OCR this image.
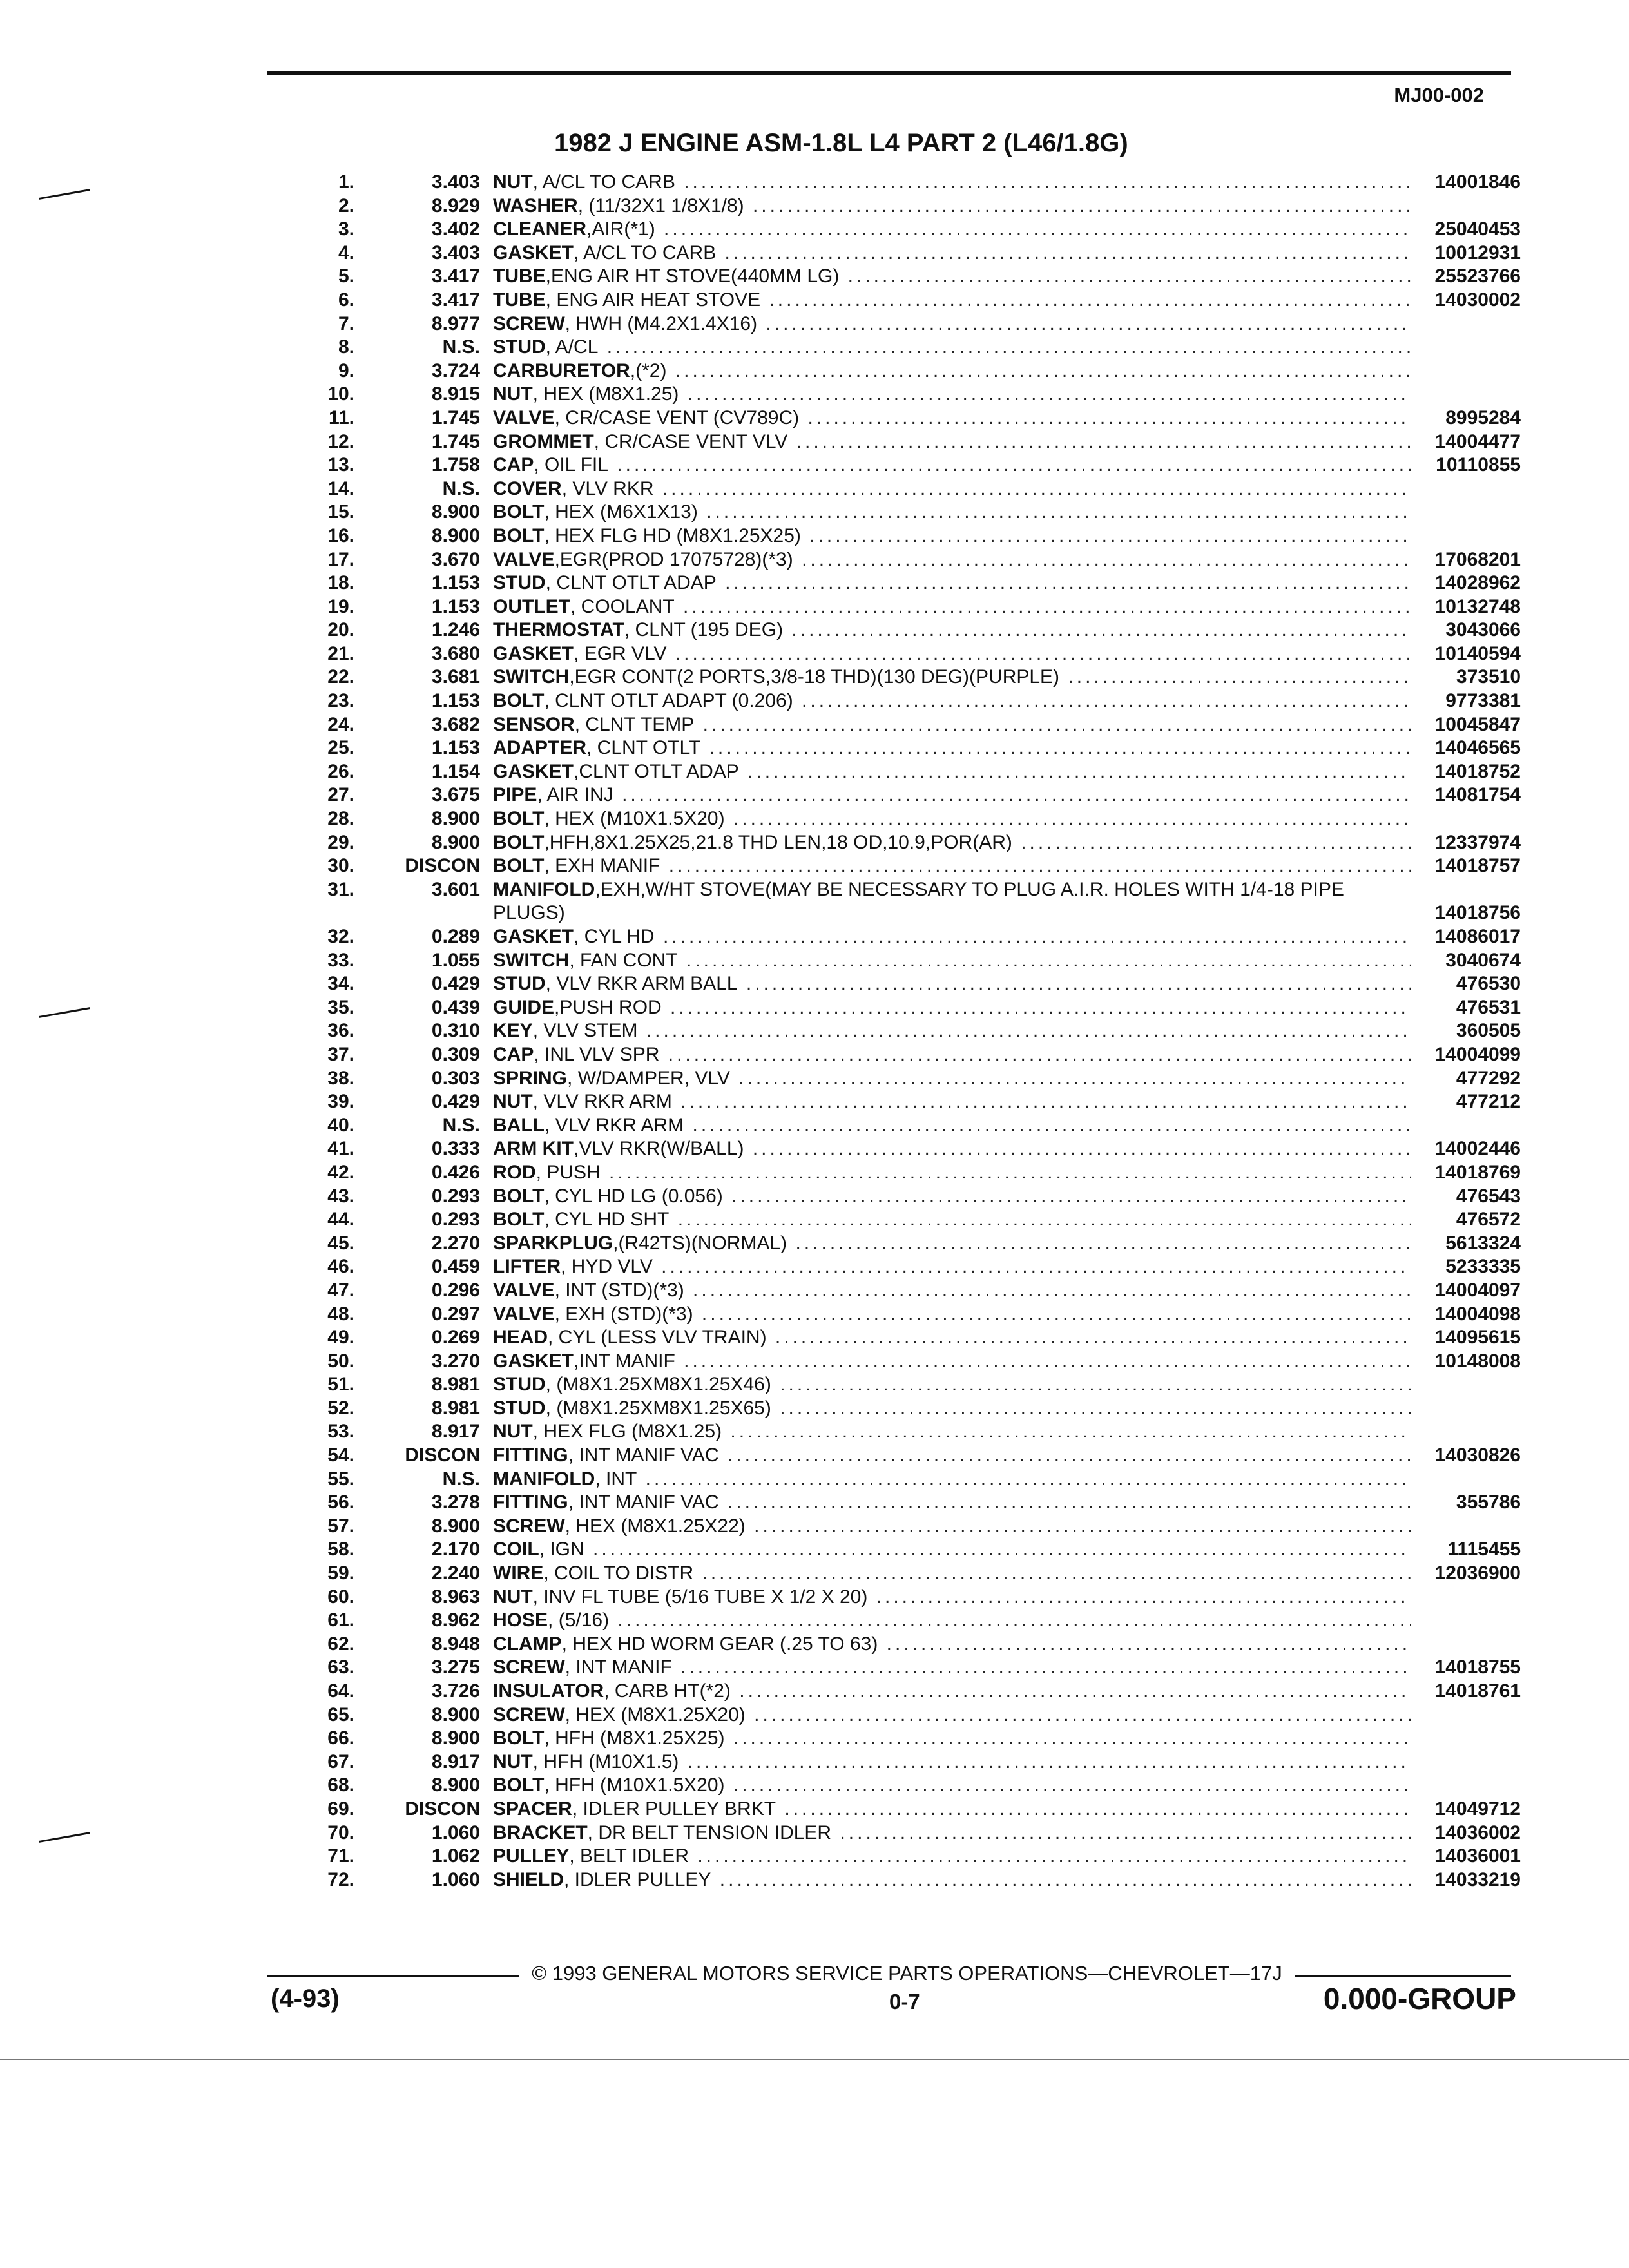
MJ00-002
1982 J ENGINE ASM-1.8L L4 PART 2 (L46/1.8G)
1.	3.403 NUT, A/CL TO CARB .....	14001846
2.	8.929 WASHER, (11/32X1 1/8X1/8) .....
3.	3.402 CLEANER,AIR(*1) .....	25040453
4.	3.403 GASKET, A/CL TO CARB .....	10012931
5.	3.417 TUBE,ENG AIR HT STOVE(440MM LG) .....	25523766
6.	3.417 TUBE, ENG AIR HEAT STOVE .....	14030002
7.	8.977 SCREW, HWH (M4.2X1.4X16) .....
8.	N.S. STUD, A/CL .....
9.	3.724 CARBURETOR,(*2) .....
10.	8.915 NUT, HEX (M8X1.25) .....
11.	1.745 VALVE, CR/CASE VENT (CV789C) .....	8995284
12.	1.745 GROMMET, CR/CASE VENT VLV .....	14004477
13.	1.758 CAP, OIL FIL .....	10110855
14.	N.S. COVER, VLV RKR .....
15.	8.900 BOLT, HEX (M6X1X13) .....
16.	8.900 BOLT, HEX FLG HD (M8X1.25X25) .....
17.	3.670 VALVE,EGR(PROD 17075728)(*3) .....	17068201
18.	1.153 STUD, CLNT OTLT ADAP .....	14028962
19.	1.153 OUTLET, COOLANT .....	10132748
20.	1.246 THERMOSTAT, CLNT (195 DEG) .....	3043066
21.	3.680 GASKET, EGR VLV .....	10140594
22.	3.681 SWITCH,EGR CONT(2 PORTS,3/8-18 THD)(130 DEG)(PURPLE) .....	373510
23.	1.153 BOLT, CLNT OTLT ADAPT (0.206) .....	9773381
24.	3.682 SENSOR, CLNT TEMP .....	10045847
25.	1.153 ADAPTER, CLNT OTLT .....	14046565
26.	1.154 GASKET,CLNT OTLT ADAP .....	14018752
27.	3.675 PIPE, AIR INJ .....	14081754
28.	8.900 BOLT, HEX (M10X1.5X20) .....
29.	8.900 BOLT,HFH,8X1.25X25,21.8 THD LEN,18 OD,10.9,POR(AR) .....	12337974
30.	DISCON BOLT, EXH MANIF .....	14018757
31.	3.601 MANIFOLD,EXH,W/HT STOVE(MAY BE NECESSARY TO PLUG A.I.R. HOLES WITH 1/4-18 PIPE PLUGS)	14018756
32.	0.289 GASKET, CYL HD .....	14086017
33.	1.055 SWITCH, FAN CONT .....	3040674
34.	0.429 STUD, VLV RKR ARM BALL .....	476530
35.	0.439 GUIDE,PUSH ROD .....	476531
36.	0.310 KEY, VLV STEM .....	360505
37.	0.309 CAP, INL VLV SPR .....	14004099
38.	0.303 SPRING, W/DAMPER, VLV .....	477292
39.	0.429 NUT, VLV RKR ARM .....	477212
40.	N.S. BALL, VLV RKR ARM .....
41.	0.333 ARM KIT,VLV RKR(W/BALL) .....	14002446
42.	0.426 ROD, PUSH .....	14018769
43.	0.293 BOLT, CYL HD LG (0.056) .....	476543
44.	0.293 BOLT, CYL HD SHT .....	476572
45.	2.270 SPARKPLUG,(R42TS)(NORMAL) .....	5613324
46.	0.459 LIFTER, HYD VLV .....	5233335
47.	0.296 VALVE, INT (STD)(*3) .....	14004097
48.	0.297 VALVE, EXH (STD)(*3) .....	14004098
49.	0.269 HEAD, CYL (LESS VLV TRAIN) .....	14095615
50.	3.270 GASKET,INT MANIF .....	10148008
51.	8.981 STUD, (M8X1.25XM8X1.25X46) .....
52.	8.981 STUD, (M8X1.25XM8X1.25X65) .....
53.	8.917 NUT, HEX FLG (M8X1.25) .....
54.	DISCON FITTING, INT MANIF VAC .....	14030826
55.	N.S. MANIFOLD, INT .....
56.	3.278 FITTING, INT MANIF VAC .....	355786
57.	8.900 SCREW, HEX (M8X1.25X22) .....
58.	2.170 COIL, IGN .....	1115455
59.	2.240 WIRE, COIL TO DISTR .....	12036900
60.	8.963 NUT, INV FL TUBE (5/16 TUBE X 1/2 X 20) .....
61.	8.962 HOSE, (5/16) .....
62.	8.948 CLAMP, HEX HD WORM GEAR (.25 TO 63) .....
63.	3.275 SCREW, INT MANIF .....	14018755
64.	3.726 INSULATOR, CARB HT(*2) .....	14018761
65.	8.900 SCREW, HEX (M8X1.25X20) .....
66.	8.900 BOLT, HFH (M8X1.25X25) .....
67.	8.917 NUT, HFH (M10X1.5) .....
68.	8.900 BOLT, HFH (M10X1.5X20) .....
69.	DISCON SPACER, IDLER PULLEY BRKT .....	14049712
70.	1.060 BRACKET, DR BELT TENSION IDLER .....	14036002
71.	1.062 PULLEY, BELT IDLER .....	14036001
72.	1.060 SHIELD, IDLER PULLEY .....	14033219
© 1993 GENERAL MOTORS SERVICE PARTS OPERATIONS—CHEVROLET—17J
(4-93)	0-7	0.000-GROUP
